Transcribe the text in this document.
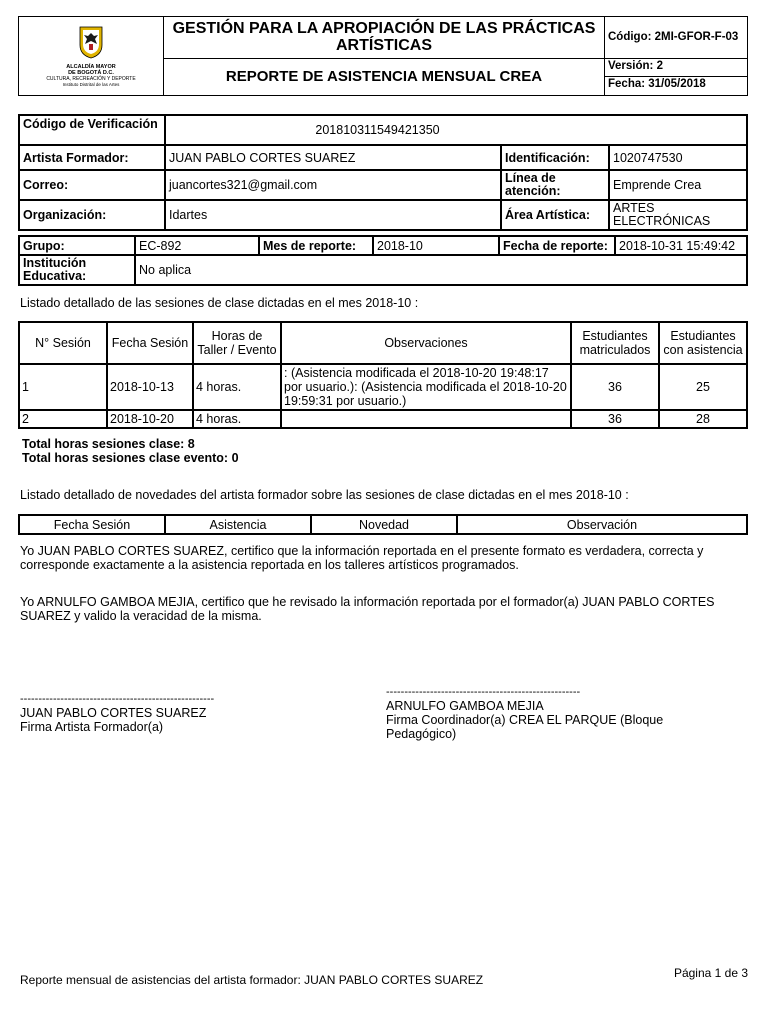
ALCALDÍA MAYOR
DE BOGOTÁ D.C.
CULTURA, RECREACIÓN Y DEPORTE
Instituto Distrital de las Artes	GESTIÓN PARA LA APROPIACIÓN DE LAS PRÁCTICAS ARTÍSTICAS	Código: 2MI-GFOR-F-03
	REPORTE DE ASISTENCIA MENSUAL CREA	Versión: 2
Fecha: 31/05/2018
Código de Verificación	201810311549421350		
Artista Formador:	JUAN PABLO CORTES SUAREZ	Identificación:	1020747530
Correo:	juancortes321@gmail.com	Línea de atención:	Emprende Crea
Organización:	Idartes	Área Artística:	ARTES ELECTRÓNICAS
Grupo:	EC-892	Mes de reporte:	2018-10	Fecha de reporte:	2018-10-31 15:49:42
Institución Educativa:	No aplica				
Listado detallado de las sesiones de clase dictadas en el mes 2018-10 :
N° Sesión	Fecha Sesión	Horas de Taller / Evento	Observaciones	Estudiantes matriculados	Estudiantes con asistencia
1	2018-10-13	4 horas.	: (Asistencia modificada el 2018-10-20 19:48:17 por usuario.): (Asistencia modificada el 2018-10-20 19:59:31 por usuario.)	36	25
2	2018-10-20	4 horas.		36	28
Total horas sesiones clase: 8
Total horas sesiones clase evento: 0
Listado detallado de novedades del artista formador sobre las sesiones de clase dictadas en el mes 2018-10 :
Fecha Sesión	Asistencia	Novedad	Observación
Yo JUAN PABLO CORTES SUAREZ, certifico que la información reportada en el presente formato es verdadera, correcta y corresponde exactamente a la asistencia reportada en los talleres artísticos programados.
Yo ARNULFO GAMBOA MEJIA, certifico que he revisado la información reportada por el formador(a) JUAN PABLO CORTES SUAREZ y valido la veracidad de la misma.
-----------------------------------------------------
JUAN PABLO CORTES SUAREZ
Firma Artista Formador(a)
-----------------------------------------------------
ARNULFO GAMBOA MEJIA
Firma Coordinador(a) CREA EL PARQUE (Bloque Pedagógico)
Reporte mensual de asistencias del artista formador: JUAN PABLO CORTES SUAREZ	Página 1 de 3
